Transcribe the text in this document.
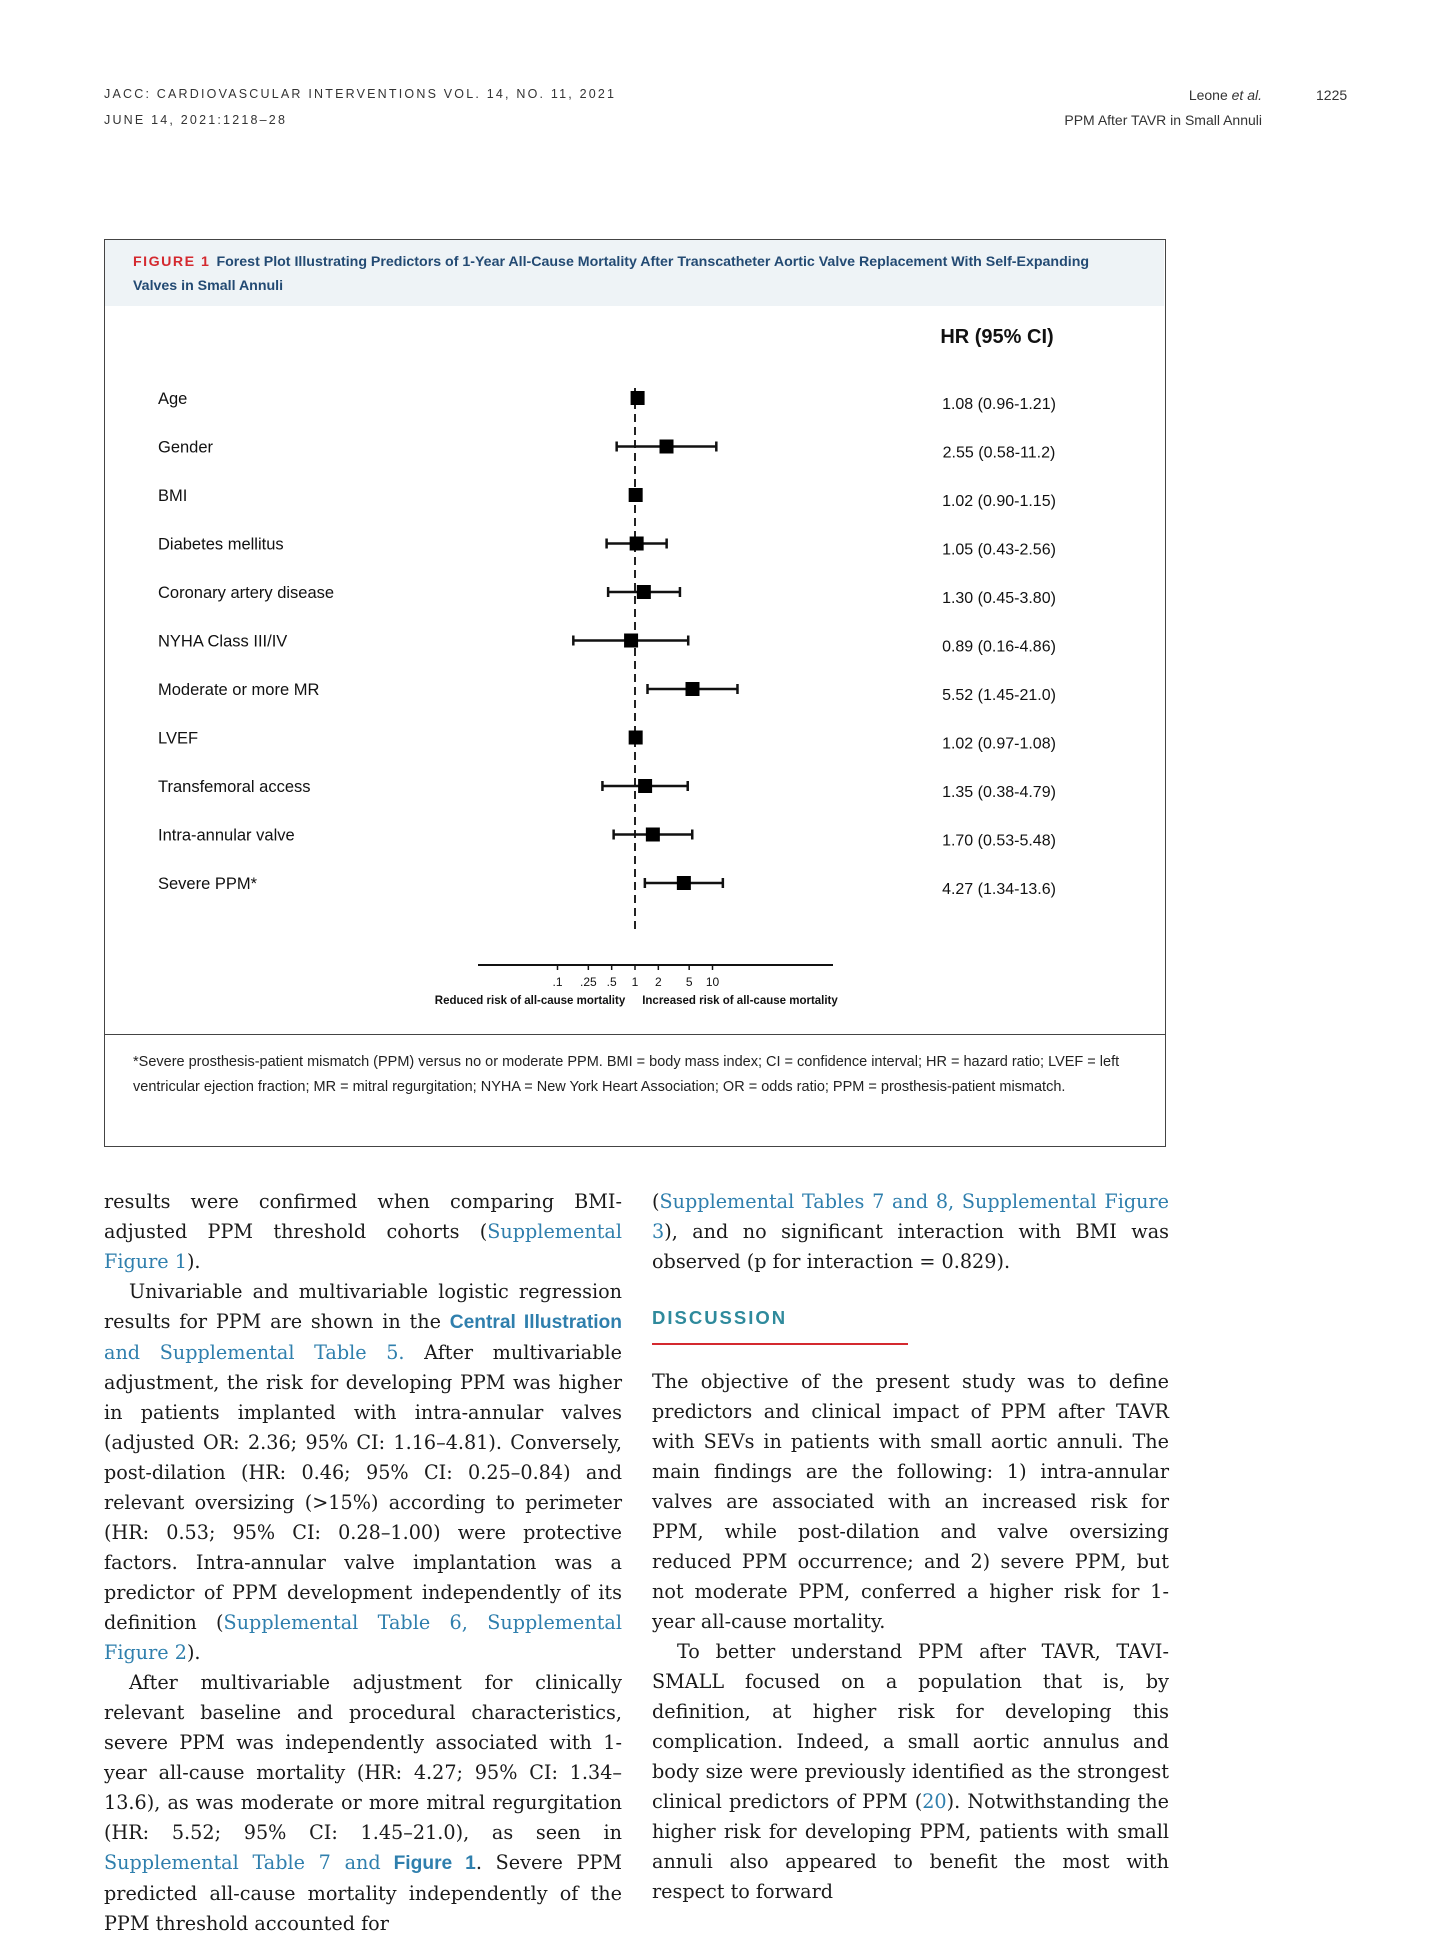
JACC: CARDIOVASCULAR INTERVENTIONS VOL. 14, NO. 11, 2021
JUNE 14, 2021:1218–28
Leone et al.
PPM After TAVR in Small Annuli
1225
FIGURE 1 Forest Plot Illustrating Predictors of 1-Year All-Cause Mortality After Transcatheter Aortic Valve Replacement With Self-Expanding Valves in Small Annuli
HR (95% CI)
Age	1.08 (0.96-1.21)
Gender	2.55 (0.58-11.2)
BMI	1.02 (0.90-1.15)
Diabetes mellitus	1.05 (0.43-2.56)
Coronary artery disease	1.30 (0.45-3.80)
NYHA Class III/IV	0.89 (0.16-4.86)
Moderate or more MR	5.52 (1.45-21.0)
LVEF	1.02 (0.97-1.08)
Transfemoral access	1.35 (0.38-4.79)
Intra-annular valve	1.70 (0.53-5.48)
Severe PPM*	4.27 (1.34-13.6)
.1 .25 .5 1 2 5 10
Reduced risk of all-cause mortality Increased risk of all-cause mortality
*Severe prosthesis-patient mismatch (PPM) versus no or moderate PPM. BMI = body mass index; CI = confidence interval; HR = hazard ratio; LVEF = left ventricular ejection fraction; MR = mitral regurgitation; NYHA = New York Heart Association; OR = odds ratio; PPM = prosthesis-patient mismatch.

results were confirmed when comparing BMI-adjusted PPM threshold cohorts (Supplemental Figure 1).

Univariable and multivariable logistic regression results for PPM are shown in the Central Illustration and Supplemental Table 5. After multivariable adjustment, the risk for developing PPM was higher in patients implanted with intra-annular valves (adjusted OR: 2.36; 95% CI: 1.16–4.81). Conversely, post-dilation (HR: 0.46; 95% CI: 0.25–0.84) and relevant oversizing (>15%) according to perimeter (HR: 0.53; 95% CI: 0.28–1.00) were protective factors. Intra-annular valve implantation was a predictor of PPM development independently of its definition (Supplemental Table 6, Supplemental Figure 2).

After multivariable adjustment for clinically relevant baseline and procedural characteristics, severe PPM was independently associated with 1-year all-cause mortality (HR: 4.27; 95% CI: 1.34–13.6), as was moderate or more mitral regurgitation (HR: 5.52; 95% CI: 1.45–21.0), as seen in Supplemental Table 7 and Figure 1. Severe PPM predicted all-cause mortality independently of the PPM threshold accounted for

(Supplemental Tables 7 and 8, Supplemental Figure 3), and no significant interaction with BMI was observed (p for interaction = 0.829).

DISCUSSION

The objective of the present study was to define predictors and clinical impact of PPM after TAVR with SEVs in patients with small aortic annuli. The main findings are the following: 1) intra-annular valves are associated with an increased risk for PPM, while post-dilation and valve oversizing reduced PPM occurrence; and 2) severe PPM, but not moderate PPM, conferred a higher risk for 1-year all-cause mortality.

To better understand PPM after TAVR, TAVI-SMALL focused on a population that is, by definition, at higher risk for developing this complication. Indeed, a small aortic annulus and body size were previously identified as the strongest clinical predictors of PPM (20). Notwithstanding the higher risk for developing PPM, patients with small annuli also appeared to benefit the most with respect to forward
